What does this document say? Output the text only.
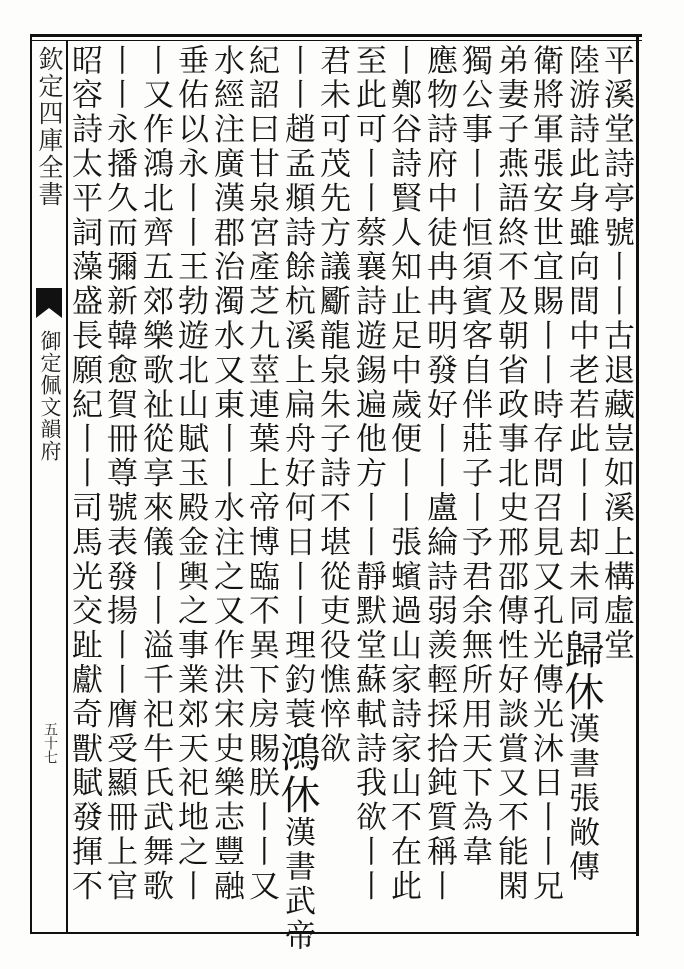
欽定四庫全書
御定佩文韻府
五十七
平溪堂詩亭號丨丨古退藏豈如溪上構虛堂
陸游詩此身雖向間中老若此丨丨却未同歸休漢書張敞傳
衛將軍張安世宜賜丨丨時存問召見又孔光傳光沐日丨丨兄
弟妻子燕語終不及朝省政事北史邢邵傳性好談賞又不能閑
獨公事丨丨恒須賓客自伴莊子丨予君余無所用天下為韋
應物詩府中徒冉冉明發好丨丨盧綸詩弱羨輕採拾鈍質稱丨
丨鄭谷詩賢人知止足中歲便丨丨張蠙過山家詩家山不在此
至此可丨丨蔡襄詩遊錫遍他方丨丨靜默堂蘇軾詩我欲丨丨
君未可茂先方議斸龍泉朱子詩不堪從吏役憔悴欲
丨丨趙孟頫詩餘杭溪上扁舟好何日丨丨理釣蓑鴻休漢書武帝
紀詔曰甘泉宮產芝九莖連葉上帝博臨不異下房賜朕丨丨又
水經注廣漢郡治濁水又東丨丨水注之又作洪宋史樂志豐融
垂佑以永丨丨王勃遊北山賦玉殿金輿之事業郊天祀地之丨
丨又作鴻北齊五郊樂歌祉從享來儀丨丨溢千祀牛氏武舞歌
丨丨永播久而彌新韓愈賀冊尊號表發揚丨丨膺受顯冊上官
昭容詩太平詞藻盛長願紀丨丨司馬光交趾獻奇獸賦發揮不
